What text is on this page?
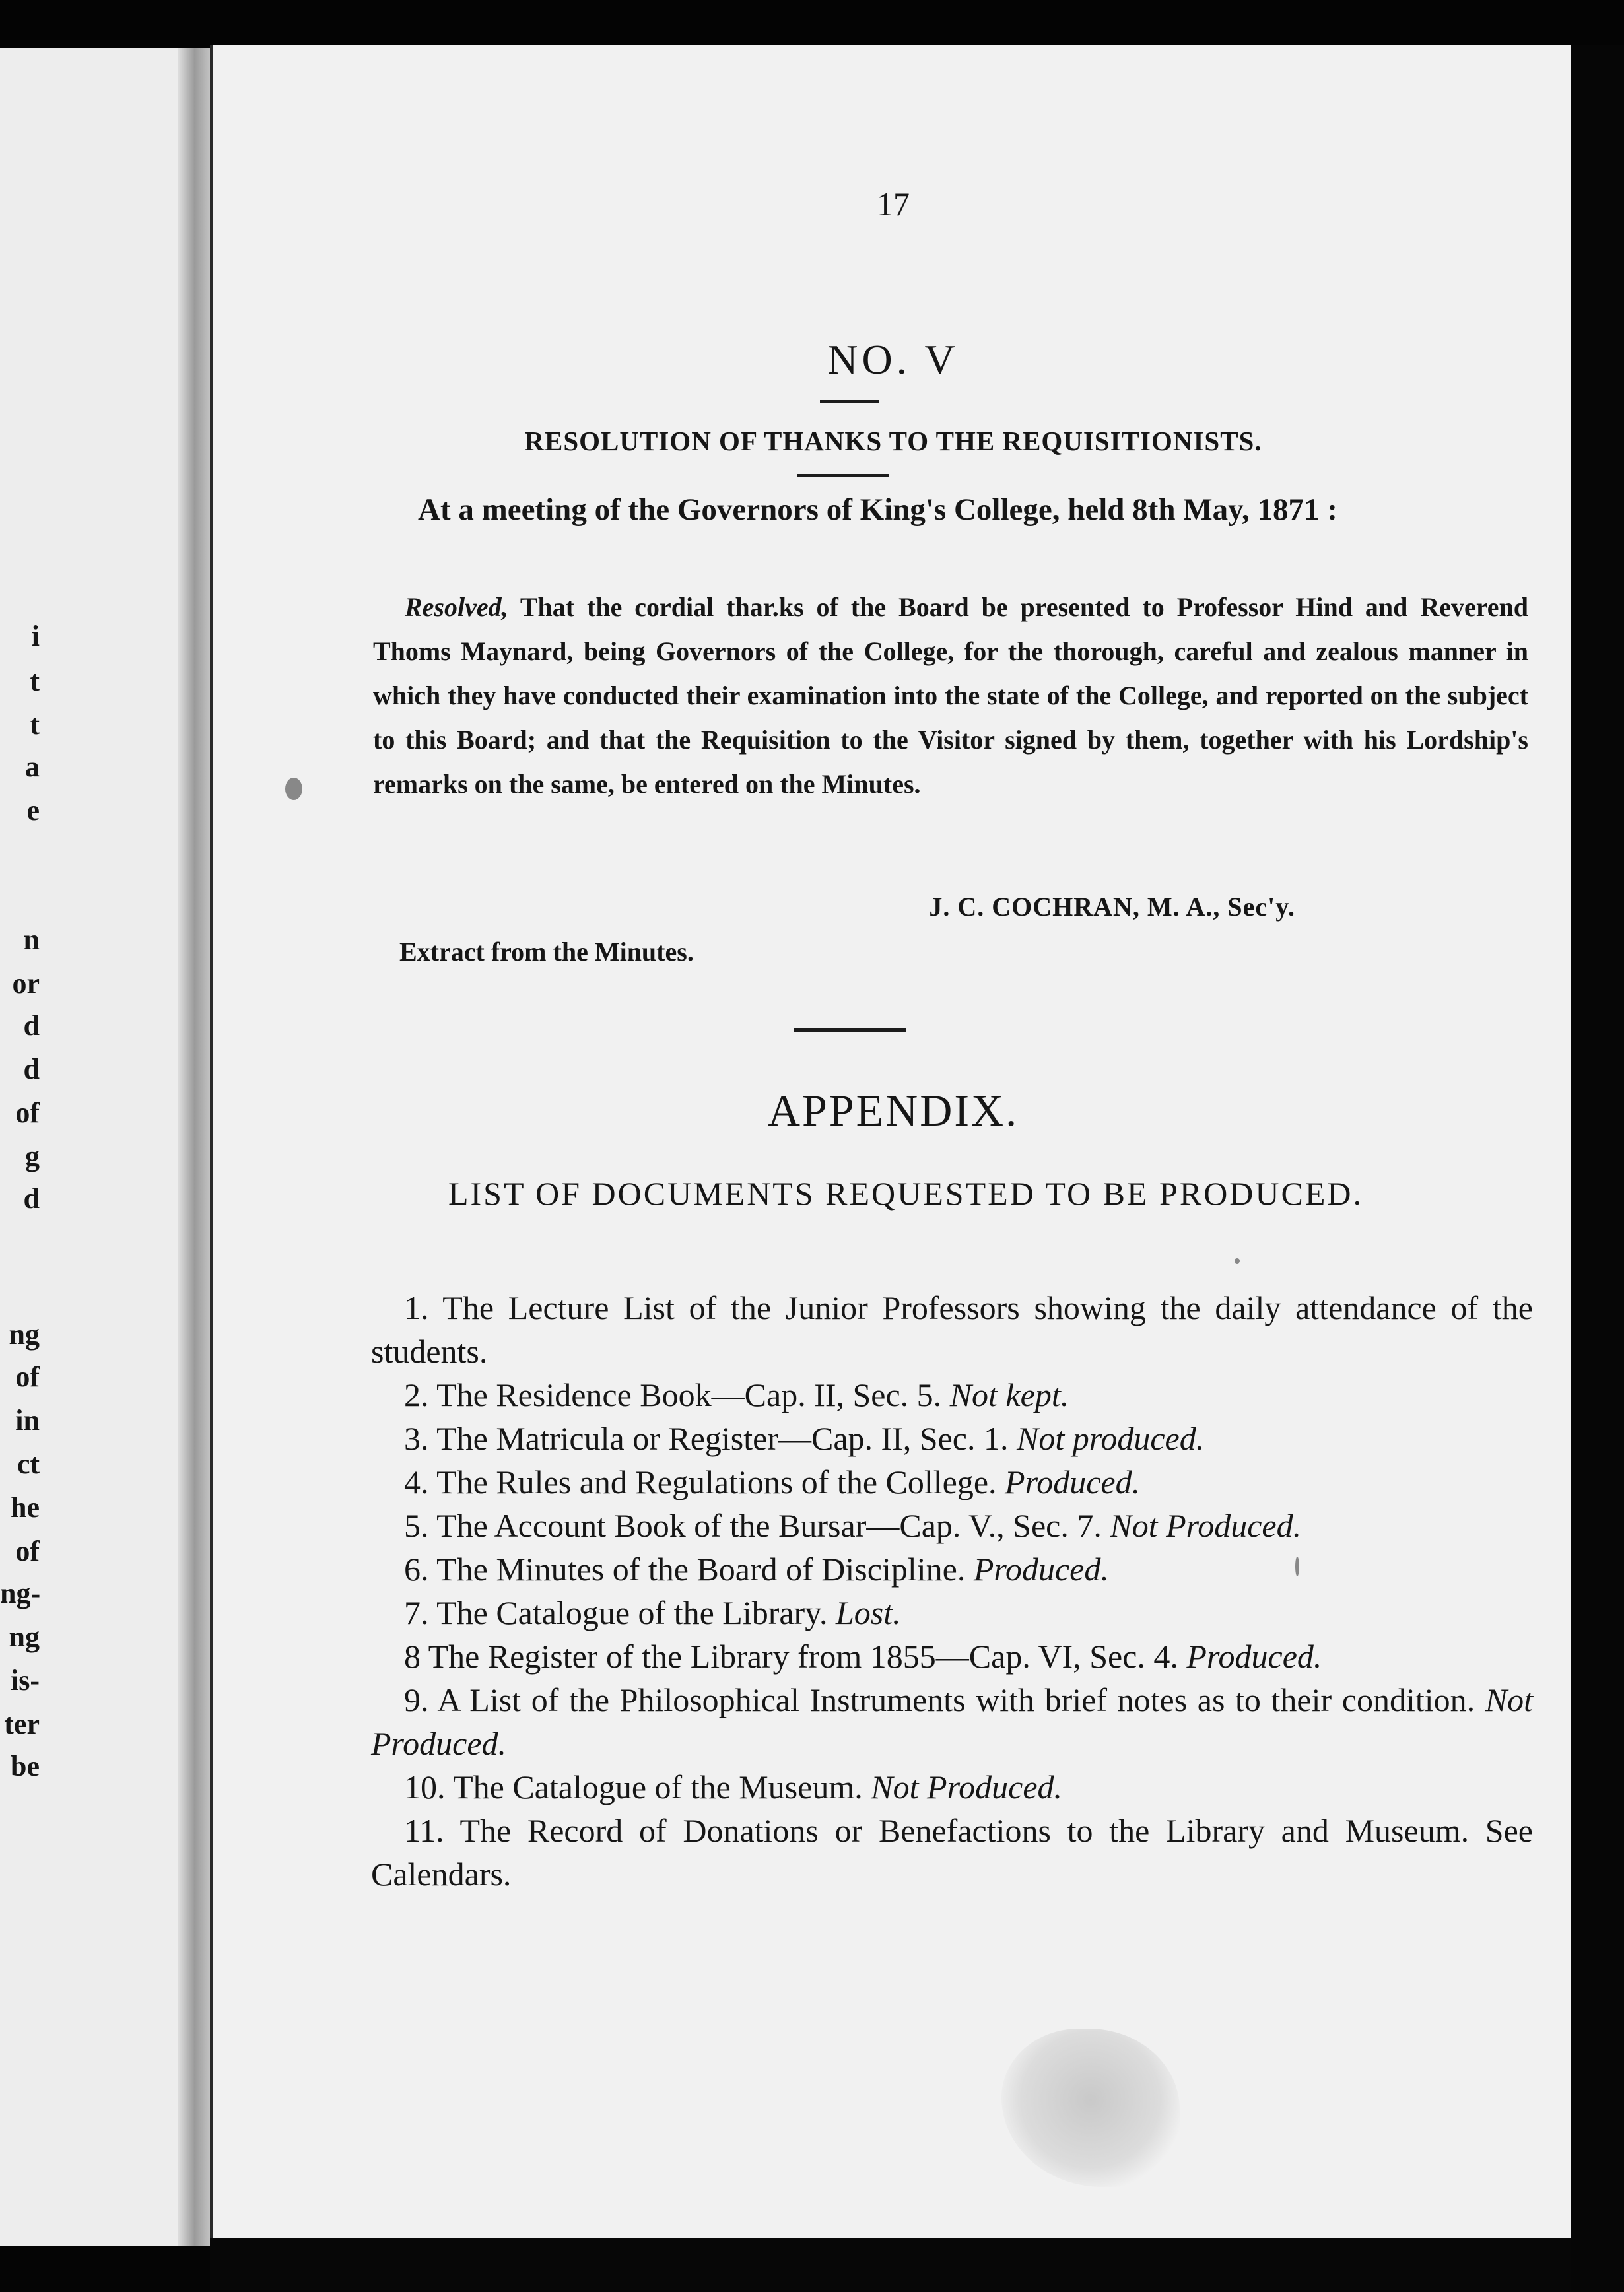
i
t
t
a
e
n
or
d
d
of
g
d
ng
of
in
ct
he
of
ng-
ng
is-
ter
be
17
NO. V
RESOLUTION OF THANKS TO THE REQUISITIONISTS.
At a meeting of the Governors of King's College, held 8th May, 1871 :
Resolved, That the cordial thar.ks of the Board be presented to Professor Hind and Reverend Thoms Maynard, being Governors of the College, for the thorough, careful and zealous manner in which they have conducted their examination into the state of the College, and reported on the subject to this Board; and that the Requisition to the Visitor signed by them, together with his Lordship's remarks on the same, be entered on the Minutes.
J. C. COCHRAN, M. A., Sec'y.
Extract from the Minutes.
APPENDIX.
LIST OF DOCUMENTS REQUESTED TO BE PRODUCED.
1. The Lecture List of the Junior Professors showing the daily attendance of the students.
2. The Residence Book—Cap. II, Sec. 5. Not kept.
3. The Matricula or Register—Cap. II, Sec. 1. Not produced.
4. The Rules and Regulations of the College. Produced.
5. The Account Book of the Bursar—Cap. V., Sec. 7. Not Produced.
6. The Minutes of the Board of Discipline. Produced.
7. The Catalogue of the Library. Lost.
8 The Register of the Library from 1855—Cap. VI, Sec. 4. Produced.
9. A List of the Philosophical Instruments with brief notes as to their condition. Not Produced.
10. The Catalogue of the Museum. Not Produced.
11. The Record of Donations or Benefactions to the Library and Museum. See Calendars.
